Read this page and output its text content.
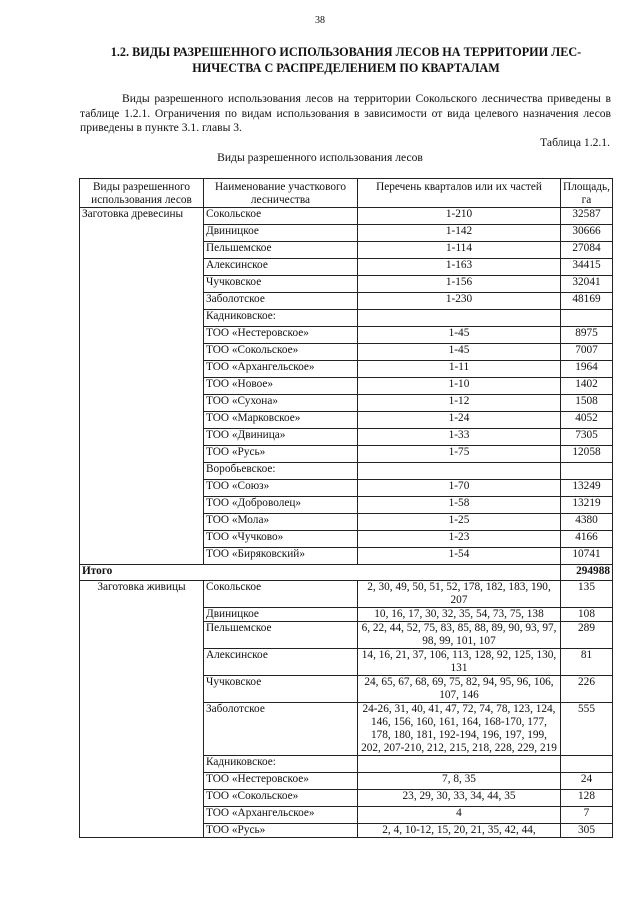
38
1.2. ВИДЫ РАЗРЕШЕННОГО ИСПОЛЬЗОВАНИЯ ЛЕСОВ НА ТЕРРИТОРИИ ЛЕС-
НИЧЕСТВА С РАСПРЕДЕЛЕНИЕМ ПО КВАРТАЛАМ

Виды разрешенного использования лесов на территории Сокольского лесничества приведены в таблице 1.2.1. Ограничения по видам использования в зависимости от вида целевого назначения лесов приведены в пункте 3.1. главы 3.

Таблица 1.2.1.
Виды разрешенного использования лесов
Виды разрешенного использования лесов	Наименование участкового лесничества	Перечень кварталов или их частей	Площадь, га
Заготовка древесины	Сокольское	1-210	32587
	Двиницкое	1-142	30666
	Пельшемское	1-114	27084
	Алексинское	1-163	34415
	Чучковское	1-156	32041
	Заболотское	1-230	48169
	Кадниковское:		
	ТОО «Нестеровское»	1-45	8975
	ТОО «Сокольское»	1-45	7007
	ТОО «Архангельское»	1-11	1964
	ТОО «Новое»	1-10	1402
	ТОО «Сухона»	1-12	1508
	ТОО «Марковское»	1-24	4052
	ТОО «Двиница»	1-33	7305
	ТОО «Русь»	1-75	12058
	Воробьевское:		
	ТОО «Союз»	1-70	13249
	ТОО «Доброволец»	1-58	13219
	ТОО «Мола»	1-25	4380
	ТОО «Чучково»	1-23	4166
	ТОО «Биряковский»	1-54	10741
Итого			294988
Заготовка живицы	Сокольское	2, 30, 49, 50, 51, 52, 178, 182, 183, 190, 207	135
	Двиницкое	10, 16, 17, 30, 32, 35, 54, 73, 75, 138	108
	Пельшемское	6, 22, 44, 52, 75, 83, 85, 88, 89, 90, 93, 97, 98, 99, 101, 107	289
	Алексинское	14, 16, 21, 37, 106, 113, 128, 92, 125, 130, 131	81
	Чучковское	24, 65, 67, 68, 69, 75, 82, 94, 95, 96, 106, 107, 146	226
	Заболотское	24-26, 31, 40, 41, 47, 72, 74, 78, 123, 124, 146, 156, 160, 161, 164, 168-170, 177, 178, 180, 181, 192-194, 196, 197, 199, 202, 207-210, 212, 215, 218, 228, 229, 219	555
	Кадниковское:		
	ТОО «Нестеровское»	7, 8, 35	24
	ТОО «Сокольское»	23, 29, 30, 33, 34, 44, 35	128
	ТОО «Архангельское»	4	7
	ТОО «Русь»	2, 4, 10-12, 15, 20, 21, 35, 42, 44,	305
